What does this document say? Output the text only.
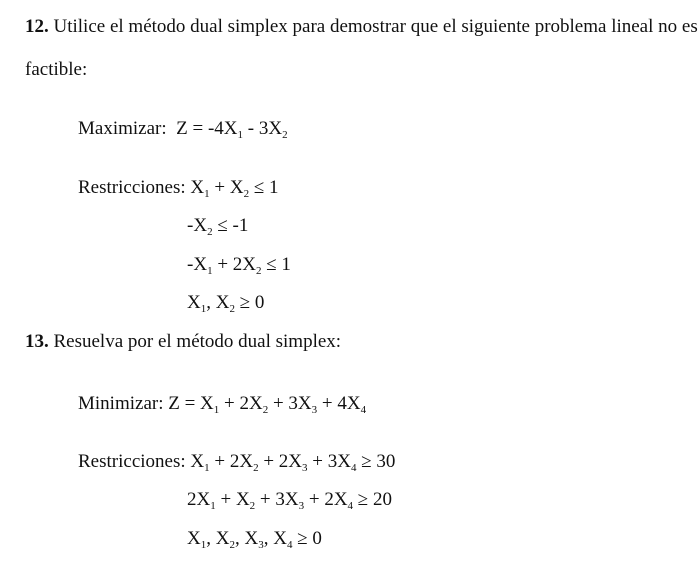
12. Utilice el método dual simplex para demostrar que el siguiente problema lineal no es
factible:
Maximizar: $Z = -4X_1 - 3X_2$
Restricciones: $X_1 + X_2 \le 1$
$-X_2 \le -1$
$-X_1 + 2X_2 \le 1$
$X_1$, $X_2 \ge 0$
13. Resuelva por el método dual simplex:
Minimizar: $Z = X_1 + 2X_2 + 3X_3 + 4X_4$
Restricciones: $X_1 + 2X_2 + 2X_3 + 3X_4 \ge 30$
$2X_1 + X_2 + 3X_3 + 2X_4 \ge 20$
$X_1$, $X_2$, $X_3$, $X_4 \ge 0$
